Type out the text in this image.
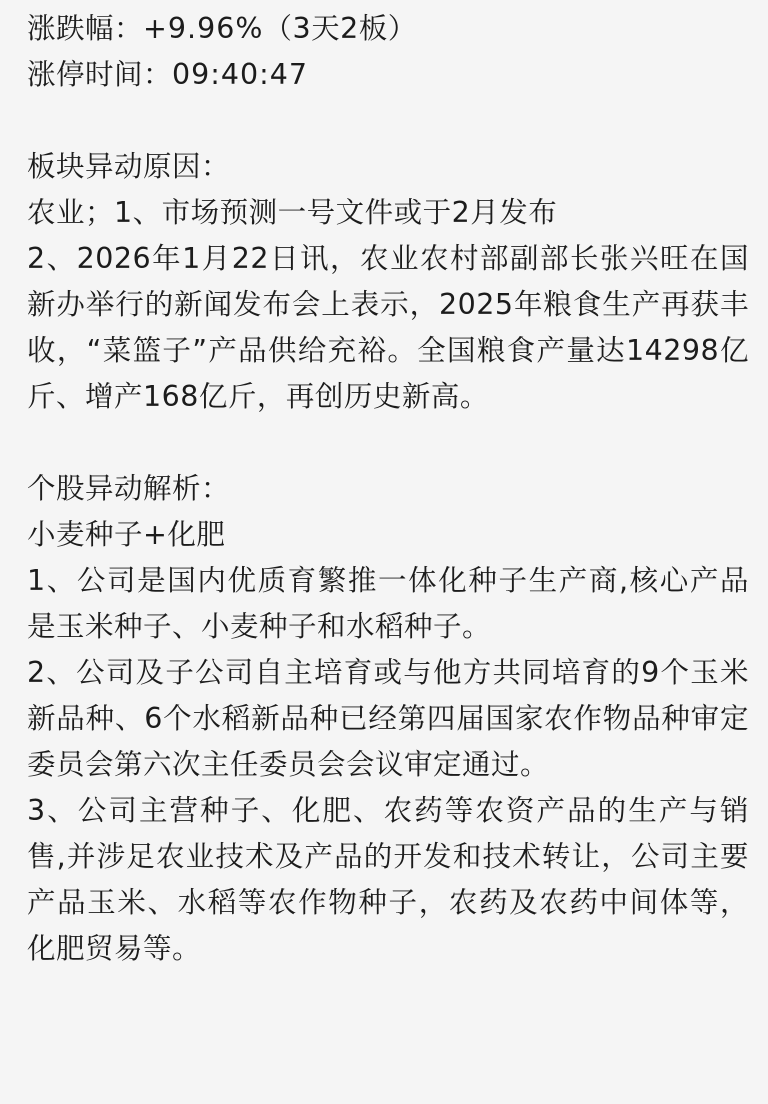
涨跌幅：+9.96%（3天2板）
涨停时间：09:40:47
板块异动原因：
农业；1、市场预测一号文件或于2月发布
2、2026年1月22日讯，农业农村部副部长张兴旺在国新办举行的新闻发布会上表示，2025年粮食生产再获丰收，“菜篮子”产品供给充裕。全国粮食产量达14298亿斤、增产168亿斤，再创历史新高。
个股异动解析：
小麦种子+化肥
1、公司是国内优质育繁推一体化种子生产商,核心产品是玉米种子、小麦种子和水稻种子。
2、公司及子公司自主培育或与他方共同培育的9个玉米新品种、6个水稻新品种已经第四届国家农作物品种审定委员会第六次主任委员会会议审定通过。
3、公司主营种子、化肥、农药等农资产品的生产与销售,并涉足农业技术及产品的开发和技术转让，公司主要产品玉米、水稻等农作物种子，农药及农药中间体等，化肥贸易等。
